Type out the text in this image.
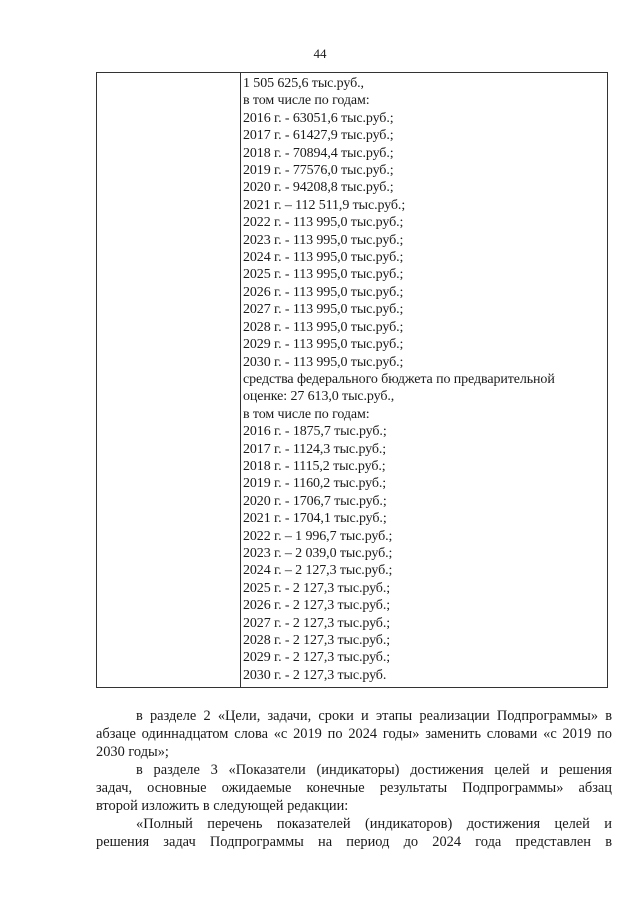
44
1 505 625,6 тыс.руб.,
в том числе по годам:
2016 г. - 63051,6 тыс.руб.;
2017 г. - 61427,9 тыс.руб.;
2018 г. - 70894,4 тыс.руб.;
2019 г. - 77576,0 тыс.руб.;
2020 г. - 94208,8 тыс.руб.;
2021 г. – 112 511,9 тыс.руб.;
2022 г. - 113 995,0 тыс.руб.;
2023 г. - 113 995,0 тыс.руб.;
2024 г. - 113 995,0 тыс.руб.;
2025 г. - 113 995,0 тыс.руб.;
2026 г. - 113 995,0 тыс.руб.;
2027 г. - 113 995,0 тыс.руб.;
2028 г. - 113 995,0 тыс.руб.;
2029 г. - 113 995,0 тыс.руб.;
2030 г. - 113 995,0 тыс.руб.;
средства федерального бюджета по предварительной
оценке: 27 613,0 тыс.руб.,
в том числе по годам:
2016 г. - 1875,7 тыс.руб.;
2017 г. - 1124,3 тыс.руб.;
2018 г. - 1115,2 тыс.руб.;
2019 г. - 1160,2 тыс.руб.;
2020 г. - 1706,7 тыс.руб.;
2021 г. - 1704,1 тыс.руб.;
2022 г. – 1 996,7 тыс.руб.;
2023 г. – 2 039,0 тыс.руб.;
2024 г. – 2 127,3 тыс.руб.;
2025 г. - 2 127,3 тыс.руб.;
2026 г. - 2 127,3 тыс.руб.;
2027 г. - 2 127,3 тыс.руб.;
2028 г. - 2 127,3 тыс.руб.;
2029 г. - 2 127,3 тыс.руб.;
2030 г. - 2 127,3 тыс.руб.
в разделе 2 «Цели, задачи, сроки и этапы реализации Подпрограммы» в
абзаце одиннадцатом слова «с 2019 по 2024 годы» заменить словами «с 2019 по
2030 годы»;
в разделе 3 «Показатели (индикаторы) достижения целей и решения
задач, основные ожидаемые конечные результаты Подпрограммы» абзац
второй изложить в следующей редакции:
«Полный перечень показателей (индикаторов) достижения целей и
решения задач Подпрограммы на период до 2024 года представлен в
